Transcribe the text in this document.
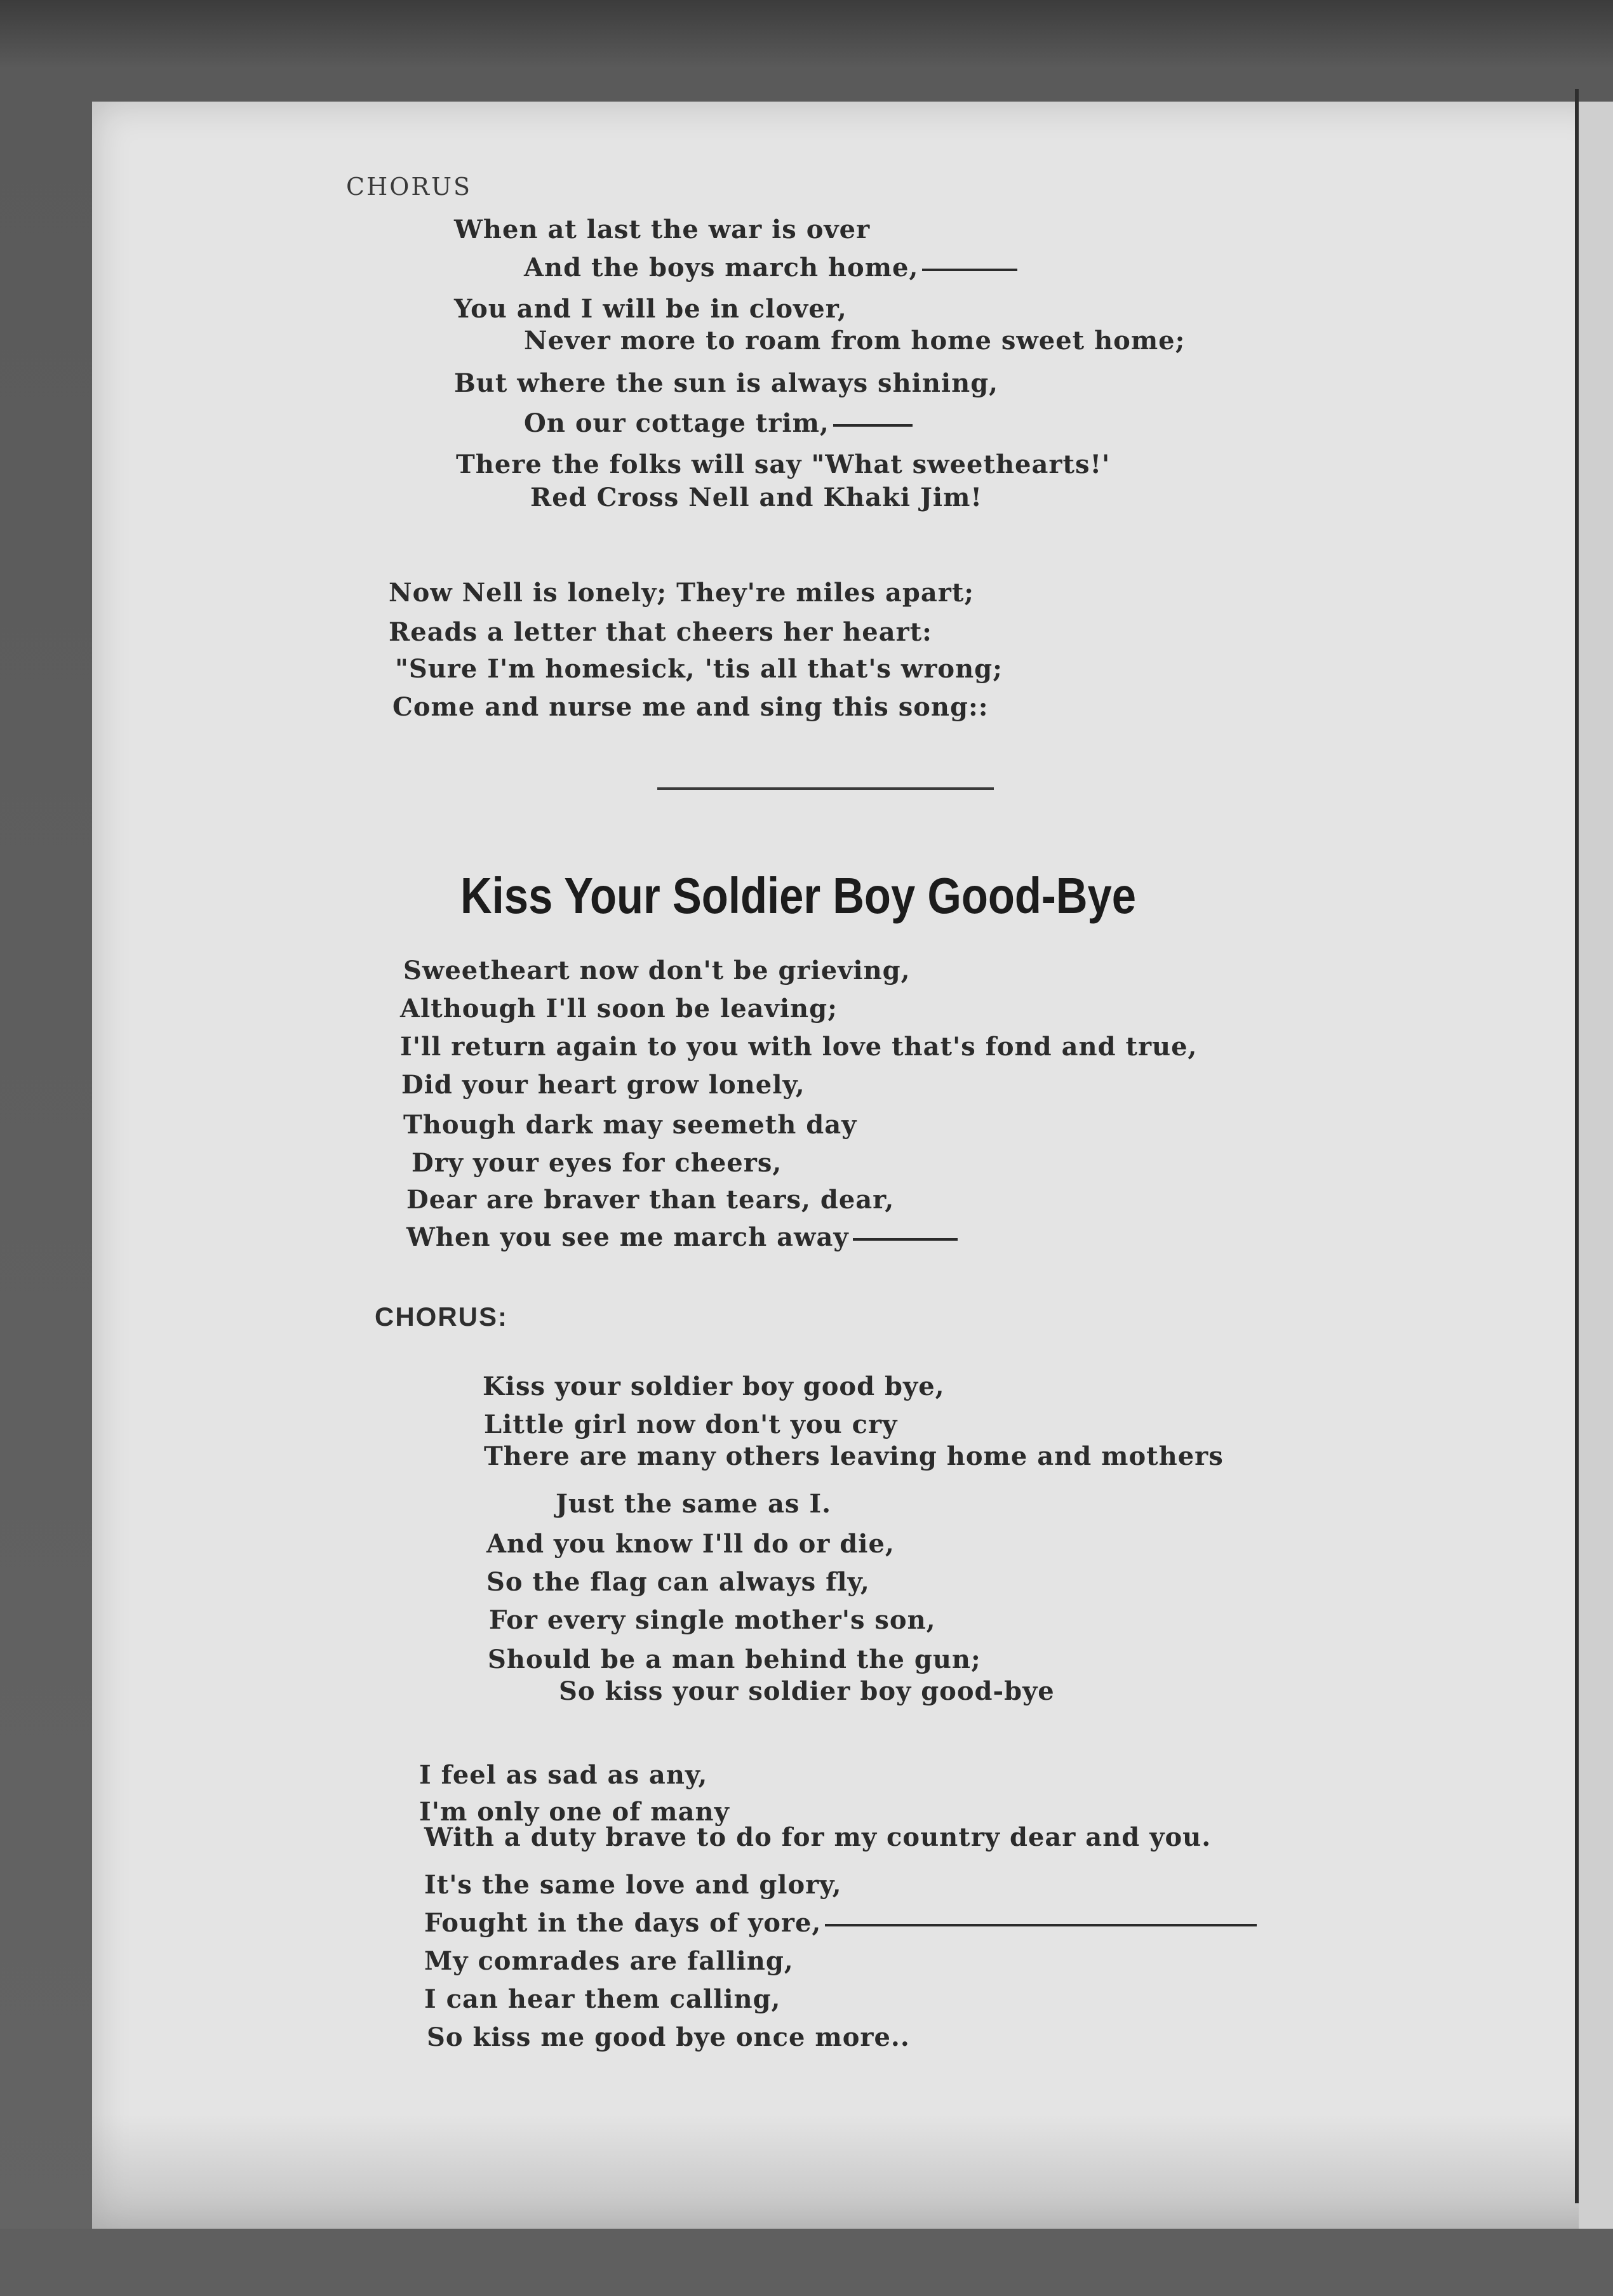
CHORUS
When at last the war is over
And the boys march home,
You and I will be in clover,
Never more to roam from home sweet home;
But where the sun is always shining,
On our cottage trim,
There the folks will say "What sweethearts!'
Red Cross Nell and Khaki Jim!
Now Nell is lonely; They're miles apart;
Reads a letter that cheers her heart:
"Sure I'm homesick, 'tis all that's wrong;
Come and nurse me and sing this song::
Kiss Your Soldier Boy Good-Bye
Sweetheart now don't be grieving,
Although I'll soon be leaving;
I'll return again to you with love that's fond and true,
Did your heart grow lonely,
Though dark may seemeth day
Dry your eyes for cheers,
Dear are braver than tears, dear,
When you see me march away
CHORUS:
Kiss your soldier boy good bye,
Little girl now don't you cry
There are many others leaving home and mothers
Just the same as I.
And you know I'll do or die,
So the flag can always fly,
For every single mother's son,
Should be a man behind the gun;
So kiss your soldier boy good-bye
I feel as sad as any,
I'm only one of many
With a duty brave to do for my country dear and you.
It's the same love and glory,
Fought in the days of yore,
My comrades are falling,
I can hear them calling,
So kiss me good bye once more..
